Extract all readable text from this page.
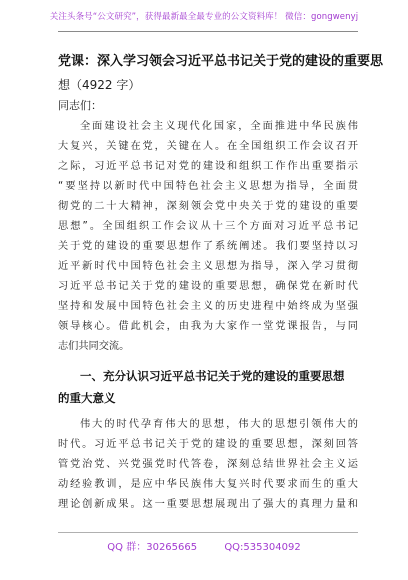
关注头条号“公文研究”，获得最新最全最专业的公文资料库！ 微信：gongwenyj
党课：深入学习领会习近平总书记关于党的建设的重要思
想（4922 字）
同志们：
全面建设社会主义现代化国家，全面推进中华民族伟
大复兴，关键在党，关键在人。在全国组织工作会议召开
之际，习近平总书记对党的建设和组织工作作出重要指示
“要坚持以新时代中国特色社会主义思想为指导，全面贯
彻党的二十大精神，深刻领会党中央关于党的建设的重要
思想”。全国组织工作会议从十三个方面对习近平总书记
关于党的建设的重要思想作了系统阐述。我们要坚持以习
近平新时代中国特色社会主义思想为指导，深入学习贯彻
习近平总书记关于党的建设的重要思想，确保党在新时代
坚持和发展中国特色社会主义的历史进程中始终成为坚强
领导核心。借此机会，由我为大家作一堂党课报告，与同
志们共同交流。
一、充分认识习近平总书记关于党的建设的重要思想
的重大意义
伟大的时代孕育伟大的思想，伟大的思想引领伟大的
时代。习近平总书记关于党的建设的重要思想，深刻回答
管党治党、兴党强党时代答卷，深刻总结世界社会主义运
动经验教训，是应中华民族伟大复兴时代要求而生的重大
理论创新成果。这一重要思想展现出了强大的真理力量和
QQ 群：30265665	QQ:535304092
